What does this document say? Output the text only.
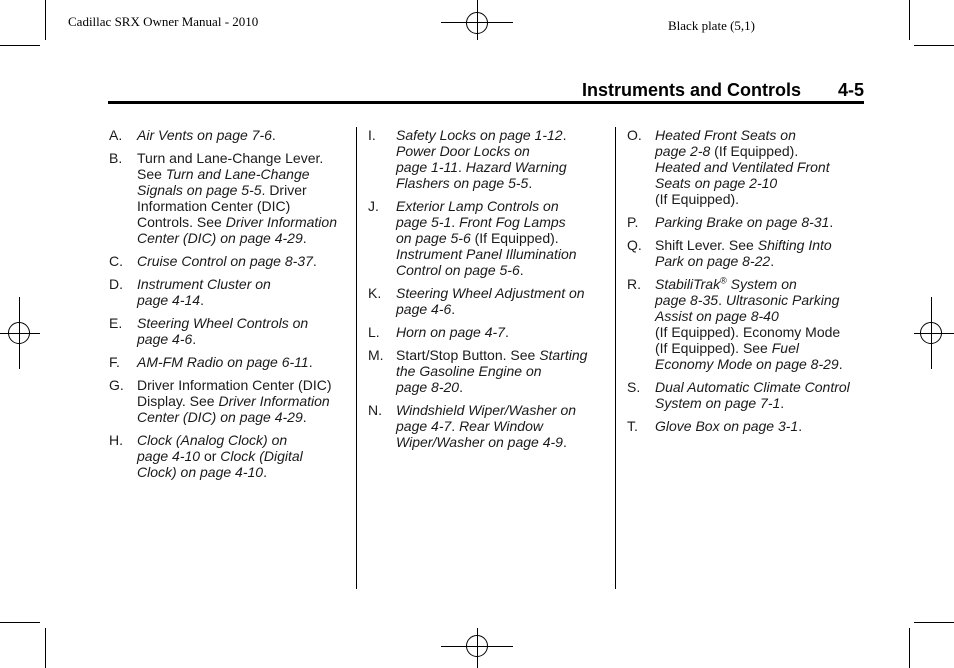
Cadillac SRX Owner Manual - 2010	Black plate (5,1)
Instruments and Controls 4-5
A. Air Vents on page 7‑6.
B. Turn and Lane-Change Lever.
See Turn and Lane-Change
Signals on page 5‑5. Driver
Information Center (DIC)
Controls. See Driver Information
Center (DIC) on page 4‑29.
C. Cruise Control on page 8‑37.
D. Instrument Cluster on
page 4‑14.
E. Steering Wheel Controls on
page 4‑6.
F. AM-FM Radio on page 6‑11.
G. Driver Information Center (DIC)
Display. See Driver Information
Center (DIC) on page 4‑29.
H. Clock (Analog Clock) on
page 4‑10 or Clock (Digital
Clock) on page 4‑10.
I. Safety Locks on page 1‑12.
Power Door Locks on
page 1‑11. Hazard Warning
Flashers on page 5‑5.
J. Exterior Lamp Controls on
page 5‑1. Front Fog Lamps
on page 5‑6 (If Equipped).
Instrument Panel Illumination
Control on page 5‑6.
K. Steering Wheel Adjustment on
page 4‑6.
L. Horn on page 4‑7.
M. Start/Stop Button. See Starting
the Gasoline Engine on
page 8‑20.
N. Windshield Wiper/Washer on
page 4‑7. Rear Window
Wiper/Washer on page 4‑9.
O. Heated Front Seats on
page 2‑8 (If Equipped).
Heated and Ventilated Front
Seats on page 2‑10
(If Equipped).
P. Parking Brake on page 8‑31.
Q. Shift Lever. See Shifting Into
Park on page 8‑22.
R. StabiliTrak® System on
page 8‑35. Ultrasonic Parking
Assist on page 8‑40
(If Equipped). Economy Mode
(If Equipped). See Fuel
Economy Mode on page 8‑29.
S. Dual Automatic Climate Control
System on page 7‑1.
T. Glove Box on page 3‑1.
